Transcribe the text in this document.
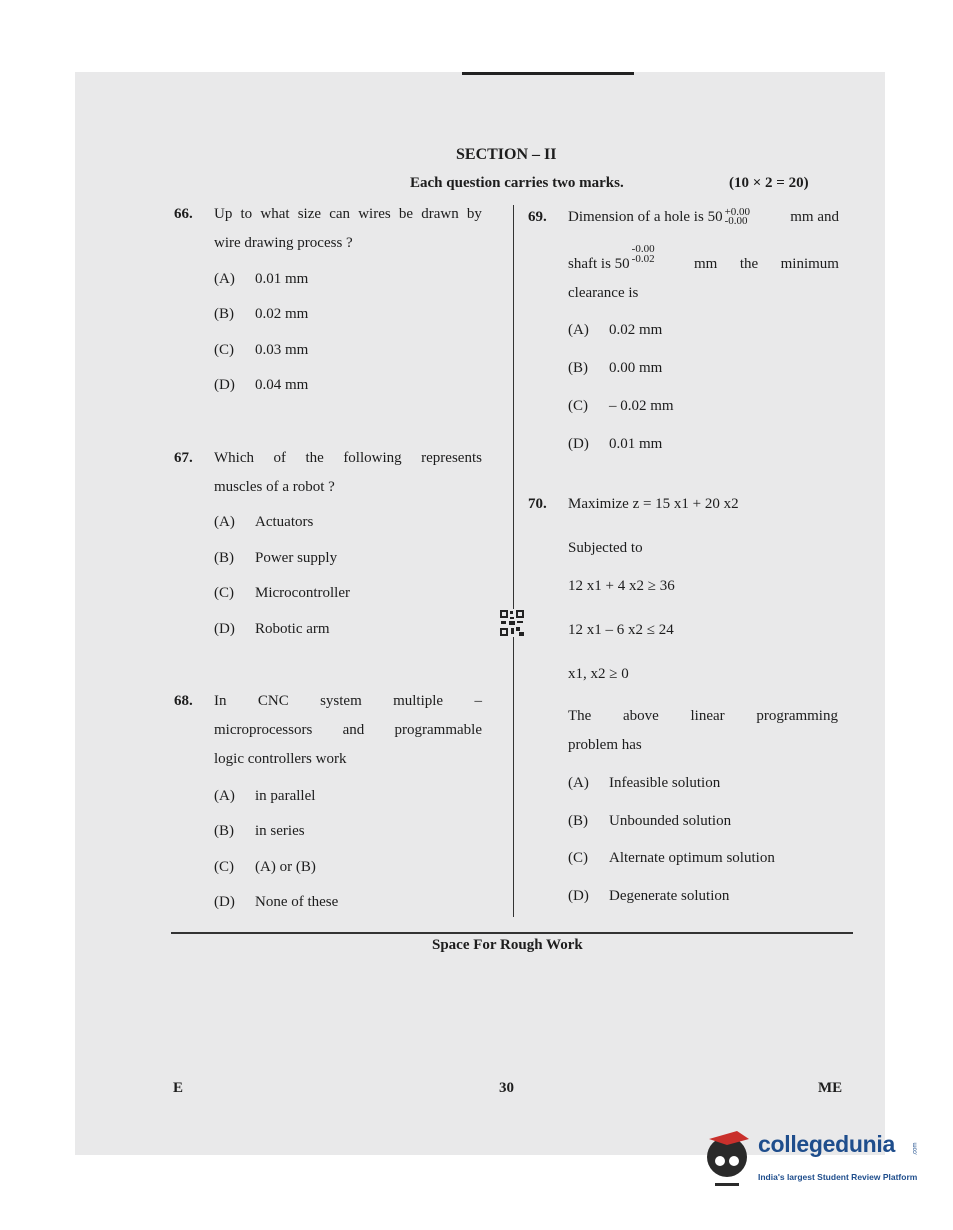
SECTION – II
Each question carries two marks.	(10 × 2 = 20)
66. Up to what size can wires be drawn by
wire drawing process ?
(A) 0.01 mm
(B) 0.02 mm
(C) 0.03 mm
(D) 0.04 mm
67. Which of the following represents
muscles of a robot ?
(A) Actuators
(B) Power supply
(C) Microcontroller
(D) Robotic arm
68. In CNC system multiple –
microprocessors and programmable
logic controllers work
(A) in parallel
(B) in series
(C) (A) or (B)
(D) None of these
69. Dimension of a hole is 50 +0.00
-0.00	mm and
shaft is 50
-0.00
-0.02	mm the minimum
clearance is
(A) 0.02 mm
(B) 0.00 mm
(C) – 0.02 mm
(D) 0.01 mm
70. Maximize z = 15 x1 + 20 x2
Subjected to
12 x1 + 4 x2 ≥ 36
12 x1 – 6 x2 ≤ 24
x1, x2 ≥ 0
The above linear programming
problem has
(A) Infeasible solution
(B) Unbounded solution
(C) Alternate optimum solution
(D) Degenerate solution
Space For Rough Work
E	30	ME
collegedunia	.com
India's largest Student Review Platform
